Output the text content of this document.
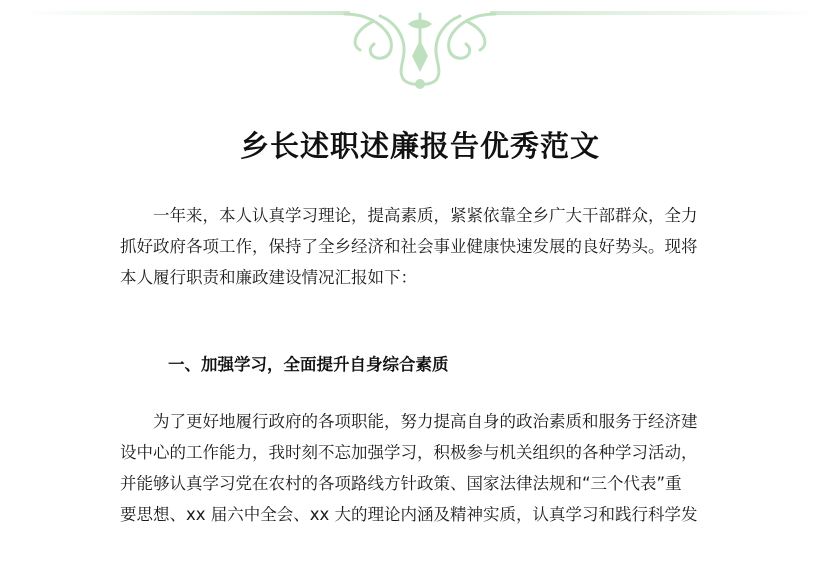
乡长述职述廉报告优秀范文
　　一年来，本人认真学习理论，提高素质，紧紧依靠全乡广大干部群众，全力
抓好政府各项工作，保持了全乡经济和社会事业健康快速发展的良好势头。现将
本人履行职责和廉政建设情况汇报如下：
一、加强学习，全面提升自身综合素质
　　为了更好地履行政府的各项职能，努力提高自身的政治素质和服务于经济建
设中心的工作能力，我时刻不忘加强学习，积极参与机关组织的各种学习活动，
并能够认真学习党在农村的各项路线方针政策、国家法律法规和“三个代表”重
要思想、xx 届六中全会、xx 大的理论内涵及精神实质，认真学习和践行科学发
